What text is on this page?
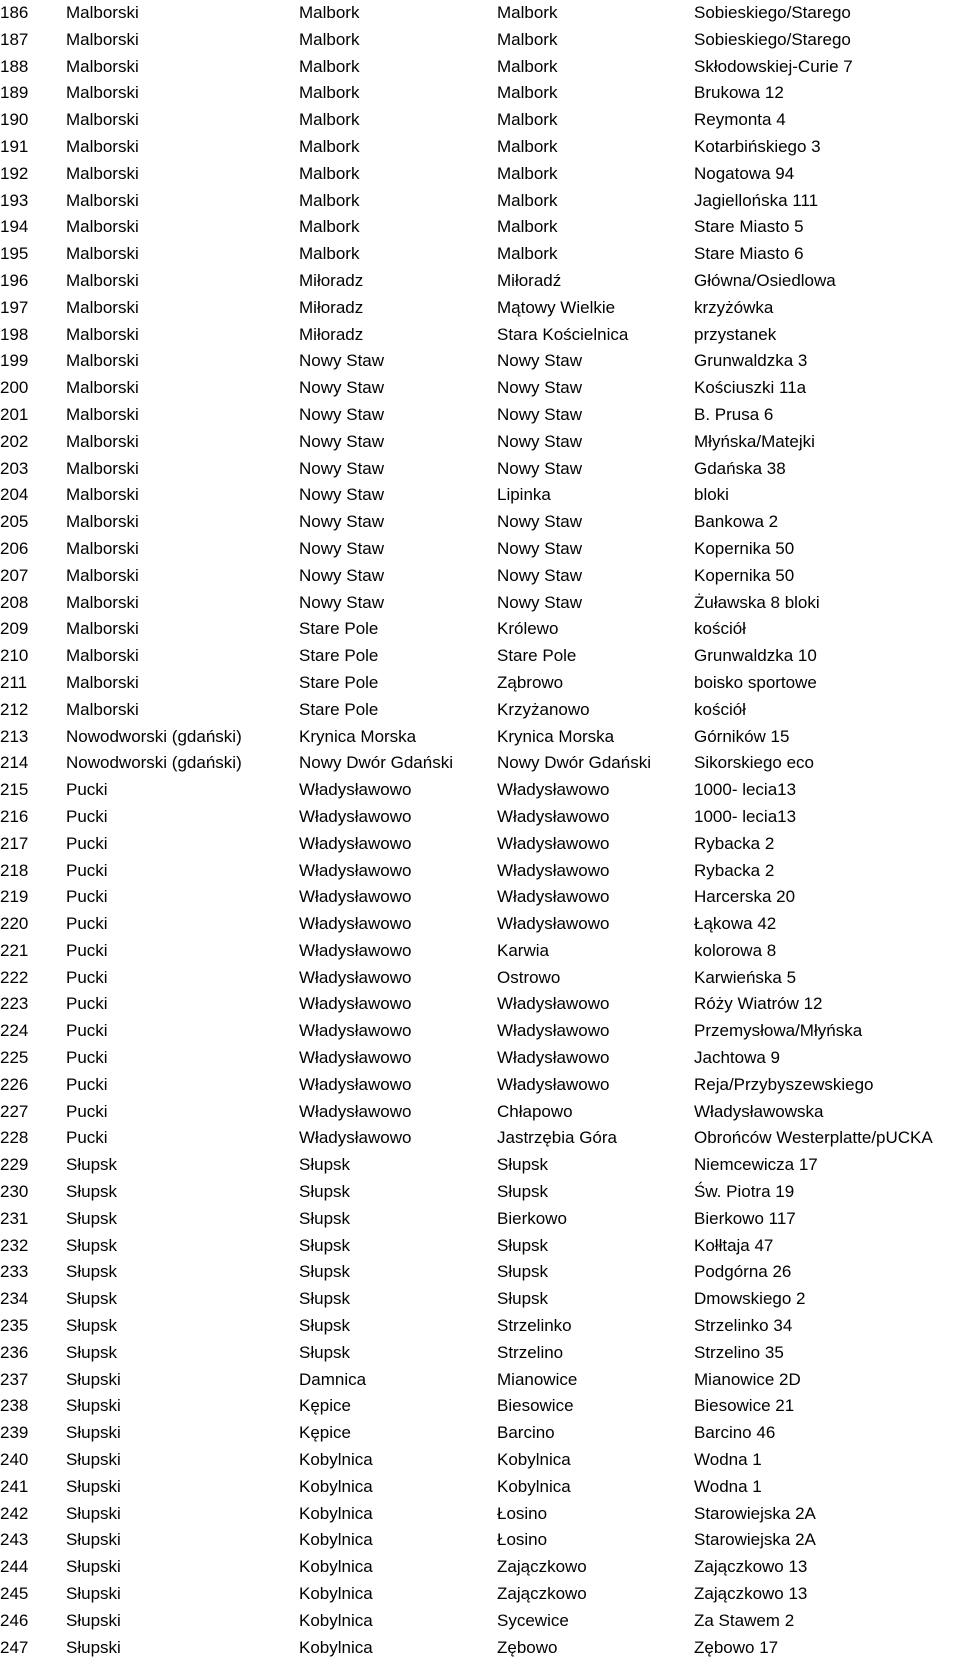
186 Malborski	Malbork	Malbork	Sobieskiego/Starego
187 Malborski	Malbork	Malbork	Sobieskiego/Starego
188 Malborski	Malbork	Malbork	Skłodowskiej-Curie 7
189 Malborski	Malbork	Malbork	Brukowa 12
190 Malborski	Malbork	Malbork	Reymonta 4
191 Malborski	Malbork	Malbork	Kotarbińskiego 3
192 Malborski	Malbork	Malbork	Nogatowa 94
193 Malborski	Malbork	Malbork	Jagiellońska 111
194 Malborski	Malbork	Malbork	Stare Miasto 5
195 Malborski	Malbork	Malbork	Stare Miasto 6
196 Malborski	Miłoradz	Miłoradź	Główna/Osiedlowa
197 Malborski	Miłoradz	Mątowy Wielkie	krzyżówka
198 Malborski	Miłoradz	Stara Kościelnica	przystanek
199 Malborski	Nowy Staw	Nowy Staw	Grunwaldzka 3
200 Malborski	Nowy Staw	Nowy Staw	Kościuszki 11a
201 Malborski	Nowy Staw	Nowy Staw	B. Prusa 6
202 Malborski	Nowy Staw	Nowy Staw	Młyńska/Matejki
203 Malborski	Nowy Staw	Nowy Staw	Gdańska 38
204 Malborski	Nowy Staw	Lipinka	bloki
205 Malborski	Nowy Staw	Nowy Staw	Bankowa 2
206 Malborski	Nowy Staw	Nowy Staw	Kopernika 50
207 Malborski	Nowy Staw	Nowy Staw	Kopernika 50
208 Malborski	Nowy Staw	Nowy Staw	Żuławska 8 bloki
209 Malborski	Stare Pole	Królewo	kościół
210 Malborski	Stare Pole	Stare Pole	Grunwaldzka 10
211 Malborski	Stare Pole	Ząbrowo	boisko sportowe
212 Malborski	Stare Pole	Krzyżanowo	kościół
213 Nowodworski (gdański)	Krynica Morska	Krynica Morska	Górników 15
214 Nowodworski (gdański)	Nowy Dwór Gdański	Nowy Dwór Gdański	Sikorskiego eco
215 Pucki	Władysławowo	Władysławowo	1000- lecia13
216 Pucki	Władysławowo	Władysławowo	1000- lecia13
217 Pucki	Władysławowo	Władysławowo	Rybacka 2
218 Pucki	Władysławowo	Władysławowo	Rybacka 2
219 Pucki	Władysławowo	Władysławowo	Harcerska 20
220 Pucki	Władysławowo	Władysławowo	Łąkowa 42
221 Pucki	Władysławowo	Karwia	kolorowa 8
222 Pucki	Władysławowo	Ostrowo	Karwieńska 5
223 Pucki	Władysławowo	Władysławowo	Róży Wiatrów 12
224 Pucki	Władysławowo	Władysławowo	Przemysłowa/Młyńska
225 Pucki	Władysławowo	Władysławowo	Jachtowa 9
226 Pucki	Władysławowo	Władysławowo	Reja/Przybyszewskiego
227 Pucki	Władysławowo	Chłapowo	Władysławowska
228 Pucki	Władysławowo	Jastrzębia Góra	Obrońców Westerplatte/pUCKA
229 Słupsk	Słupsk	Słupsk	Niemcewicza 17
230 Słupsk	Słupsk	Słupsk	Św. Piotra 19
231 Słupsk	Słupsk	Bierkowo	Bierkowo 117
232 Słupsk	Słupsk	Słupsk	Kołłtaja 47
233 Słupsk	Słupsk	Słupsk	Podgórna 26
234 Słupsk	Słupsk	Słupsk	Dmowskiego 2
235 Słupsk	Słupsk	Strzelinko	Strzelinko 34
236 Słupsk	Słupsk	Strzelino	Strzelino 35
237 Słupski	Damnica	Mianowice	Mianowice 2D
238 Słupski	Kępice	Biesowice	Biesowice 21
239 Słupski	Kępice	Barcino	Barcino 46
240 Słupski	Kobylnica	Kobylnica	Wodna 1
241 Słupski	Kobylnica	Kobylnica	Wodna 1
242 Słupski	Kobylnica	Łosino	Starowiejska 2A
243 Słupski	Kobylnica	Łosino	Starowiejska 2A
244 Słupski	Kobylnica	Zajączkowo	Zajączkowo 13
245 Słupski	Kobylnica	Zajączkowo	Zajączkowo 13
246 Słupski	Kobylnica	Sycewice	Za Stawem 2
247 Słupski	Kobylnica	Zębowo	Zębowo 17
